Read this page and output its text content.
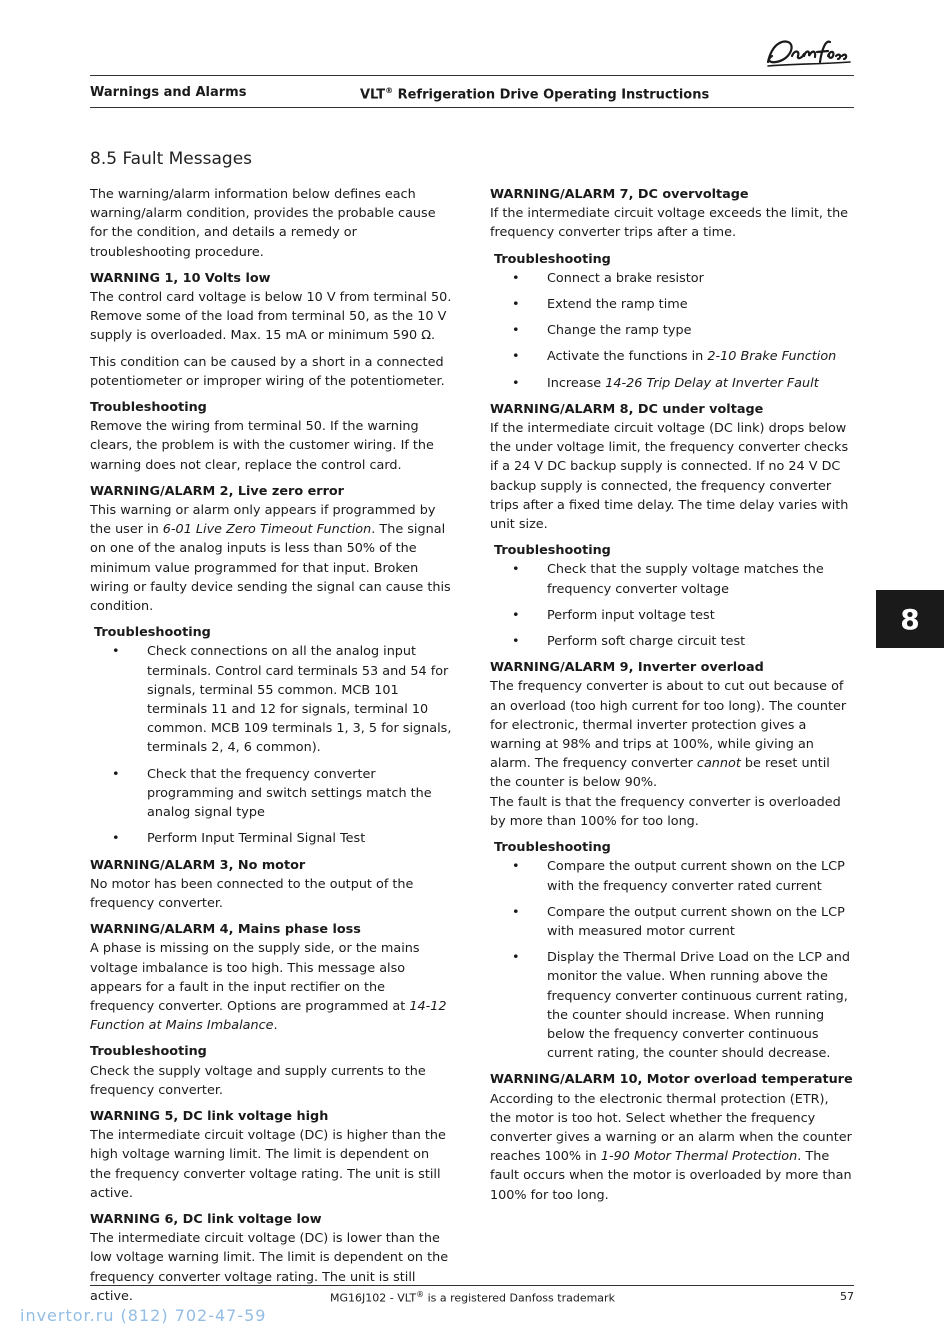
Warnings and Alarms	VLT® Refrigeration Drive Operating Instructions
8.5 Fault Messages

The warning/alarm information below defines each warning/alarm condition, provides the probable cause for the condition, and details a remedy or troubleshooting procedure.

WARNING 1, 10 Volts low

The control card voltage is below 10 V from terminal 50. Remove some of the load from terminal 50, as the 10 V supply is overloaded. Max. 15 mA or minimum 590 Ω.

This condition can be caused by a short in a connected potentiometer or improper wiring of the potentiometer.

Troubleshooting

Remove the wiring from terminal 50. If the warning clears, the problem is with the customer wiring. If the warning does not clear, replace the control card.

WARNING/ALARM 2, Live zero error

This warning or alarm only appears if programmed by the user in 6-01 Live Zero Timeout Function. The signal on one of the analog inputs is less than 50% of the minimum value programmed for that input. Broken wiring or faulty device sending the signal can cause this condition.

Troubleshooting
• Check connections on all the analog input terminals. Control card terminals 53 and 54 for signals, terminal 55 common. MCB 101 terminals 11 and 12 for signals, terminal 10 common. MCB 109 terminals 1, 3, 5 for signals, terminals 2, 4, 6 common).
• Check that the frequency converter programming and switch settings match the analog signal type
• Perform Input Terminal Signal Test
WARNING/ALARM 3, No motor

No motor has been connected to the output of the frequency converter.

WARNING/ALARM 4, Mains phase loss

A phase is missing on the supply side, or the mains voltage imbalance is too high. This message also appears for a fault in the input rectifier on the frequency converter. Options are programmed at 14-12 Function at Mains Imbalance.

Troubleshooting

Check the supply voltage and supply currents to the frequency converter.

WARNING 5, DC link voltage high

The intermediate circuit voltage (DC) is higher than the high voltage warning limit. The limit is dependent on the frequency converter voltage rating. The unit is still active.

WARNING 6, DC link voltage low

The intermediate circuit voltage (DC) is lower than the low voltage warning limit. The limit is dependent on the frequency converter voltage rating. The unit is still active.

WARNING/ALARM 7, DC overvoltage

If the intermediate circuit voltage exceeds the limit, the frequency converter trips after a time.

Troubleshooting
• Connect a brake resistor
• Extend the ramp time
• Change the ramp type
• Activate the functions in 2-10 Brake Function
• Increase 14-26 Trip Delay at Inverter Fault
WARNING/ALARM 8, DC under voltage

If the intermediate circuit voltage (DC link) drops below the under voltage limit, the frequency converter checks if a 24 V DC backup supply is connected. If no 24 V DC backup supply is connected, the frequency converter trips after a fixed time delay. The time delay varies with unit size.

Troubleshooting
• Check that the supply voltage matches the frequency converter voltage
• Perform input voltage test
• Perform soft charge circuit test
WARNING/ALARM 9, Inverter overload

The frequency converter is about to cut out because of an overload (too high current for too long). The counter for electronic, thermal inverter protection gives a warning at 98% and trips at 100%, while giving an alarm. The frequency converter cannot be reset until the counter is below 90%.

The fault is that the frequency converter is overloaded by more than 100% for too long.

Troubleshooting
• Compare the output current shown on the LCP with the frequency converter rated current
• Compare the output current shown on the LCP with measured motor current
• Display the Thermal Drive Load on the LCP and monitor the value. When running above the frequency converter continuous current rating, the counter should increase. When running below the frequency converter continuous current rating, the counter should decrease.
WARNING/ALARM 10, Motor overload temperature

According to the electronic thermal protection (ETR), the motor is too hot. Select whether the frequency converter gives a warning or an alarm when the counter reaches 100% in 1-90 Motor Thermal Protection. The fault occurs when the motor is overloaded by more than 100% for too long.

8
MG16J102 - VLT® is a registered Danfoss trademark	57
invertor.ru (812) 702-47-59
